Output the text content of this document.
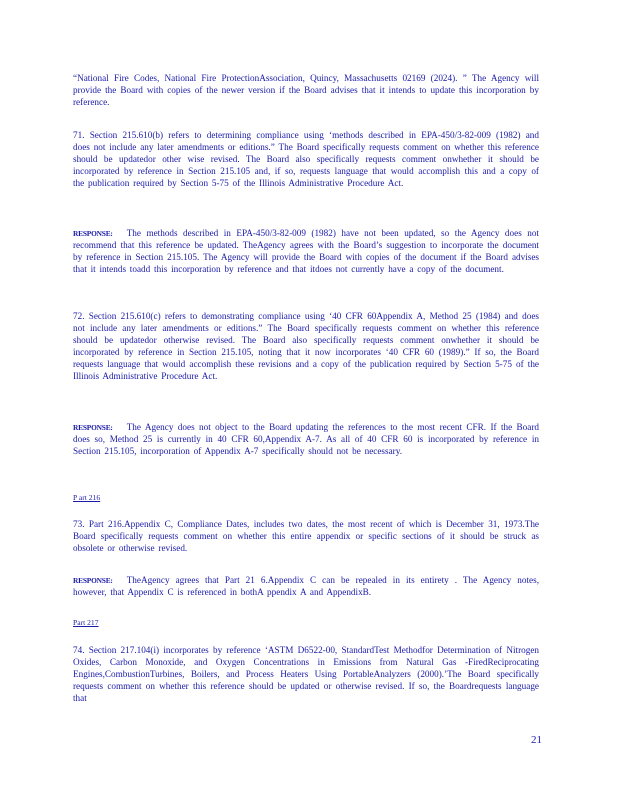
“National Fire Codes, National Fire ProtectionAssociation, Quincy, Massachusetts 02169 (2024). ” The Agency will provide the Board with copies of the newer version if the Board advises that it intends to update this incorporation by reference.

71. Section 215.610(b) refers to determining compliance using ‘methods described in EPA-450/3-82-009 (1982) and does not include any later amendments or editions.” The Board specifically requests comment on whether this reference should be updatedor other wise revised. The Board also specifically requests comment onwhether it should be incorporated by reference in Section 215.105 and, if so, requests language that would accomplish this and a copy of the publication required by Section 5-75 of the Illinois Administrative Procedure Act.

RESPONSE: The methods described in EPA-450/3-82-009 (1982) have not been updated, so the Agency does not recommend that this reference be updated. TheAgency agrees with the Board’s suggestion to incorporate the document by reference in Section 215.105. The Agency will provide the Board with copies of the document if the Board advises that it intends toadd this incorporation by reference and that itdoes not currently have a copy of the document.

72. Section 215.610(c) refers to demonstrating compliance using ‘40 CFR 60Appendix A, Method 25 (1984) and does not include any later amendments or editions.” The Board specifically requests comment on whether this reference should be updatedor otherwise revised. The Board also specifically requests comment onwhether it should be incorporated by reference in Section 215.105, noting that it now incorporates ‘40 CFR 60 (1989).” If so, the Board requests language that would accomplish these revisions and a copy of the publication required by Section 5-75 of the Illinois Administrative Procedure Act.

RESPONSE: The Agency does not object to the Board updating the references to the most recent CFR. If the Board does so, Method 25 is currently in 40 CFR 60,Appendix A-7. As all of 40 CFR 60 is incorporated by reference in Section 215.105, incorporation of Appendix A-7 specifically should not be necessary.

P art 216

73. Part 216.Appendix C, Compliance Dates, includes two dates, the most recent of which is December 31, 1973.The Board specifically requests comment on whether this entire appendix or specific sections of it should be struck as obsolete or otherwise revised.

RESPONSE: TheAgency agrees that Part 21 6.Appendix C can be repealed in its entirety . The Agency notes, however, that Appendix C is referenced in bothA ppendix A and AppendixB.

Part 217

74. Section 217.104(i) incorporates by reference ‘ASTM D6522-00, StandardTest Methodfor Determination of Nitrogen Oxides, Carbon Monoxide, and Oxygen Concentrations in Emissions from Natural Gas -FiredReciprocating Engines,CombustionTurbines, Boilers, and Process Heaters Using PortableAnalyzers (2000).’The Board specifically requests comment on whether this reference should be updated or otherwise revised. If so, the Boardrequests language that

21
